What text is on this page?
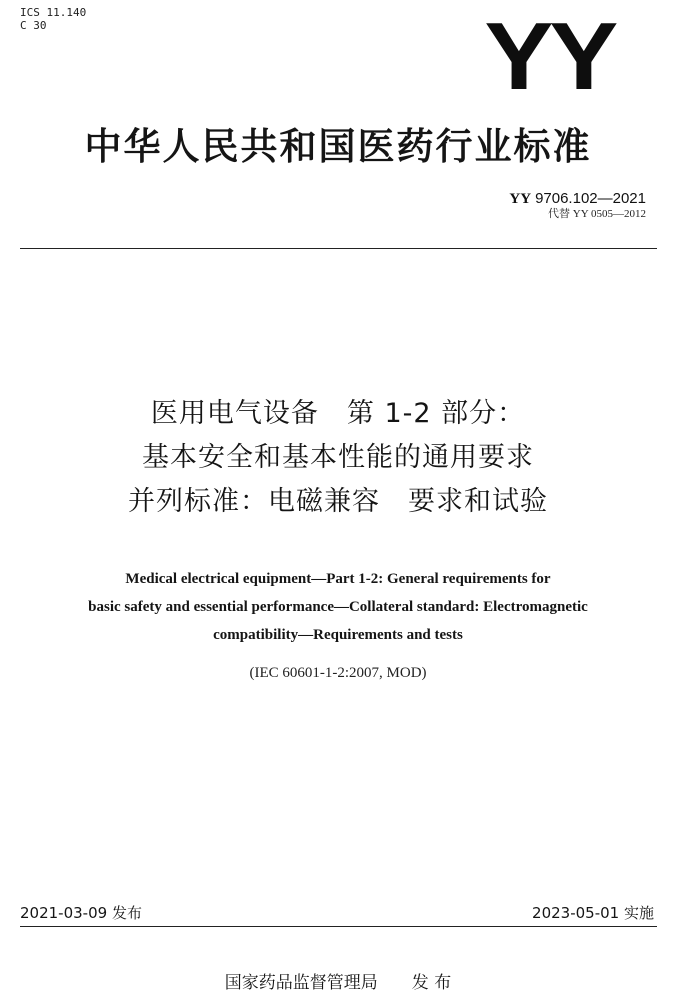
ICS 11.140
C 30	YY
中华人民共和国医药行业标准
YY 9706.102—2021
代替 YY 0505—2012
医用电气设备　第 1-2 部分：
基本安全和基本性能的通用要求
并列标准：电磁兼容　要求和试验
Medical electrical equipment—Part 1-2: General requirements for
basic safety and essential performance—Collateral standard: Electromagnetic
compatibility—Requirements and tests
(IEC 60601-1-2:2007, MOD)
2021-03-09 发布	2023-05-01 实施
国家药品监督管理局 发 布
